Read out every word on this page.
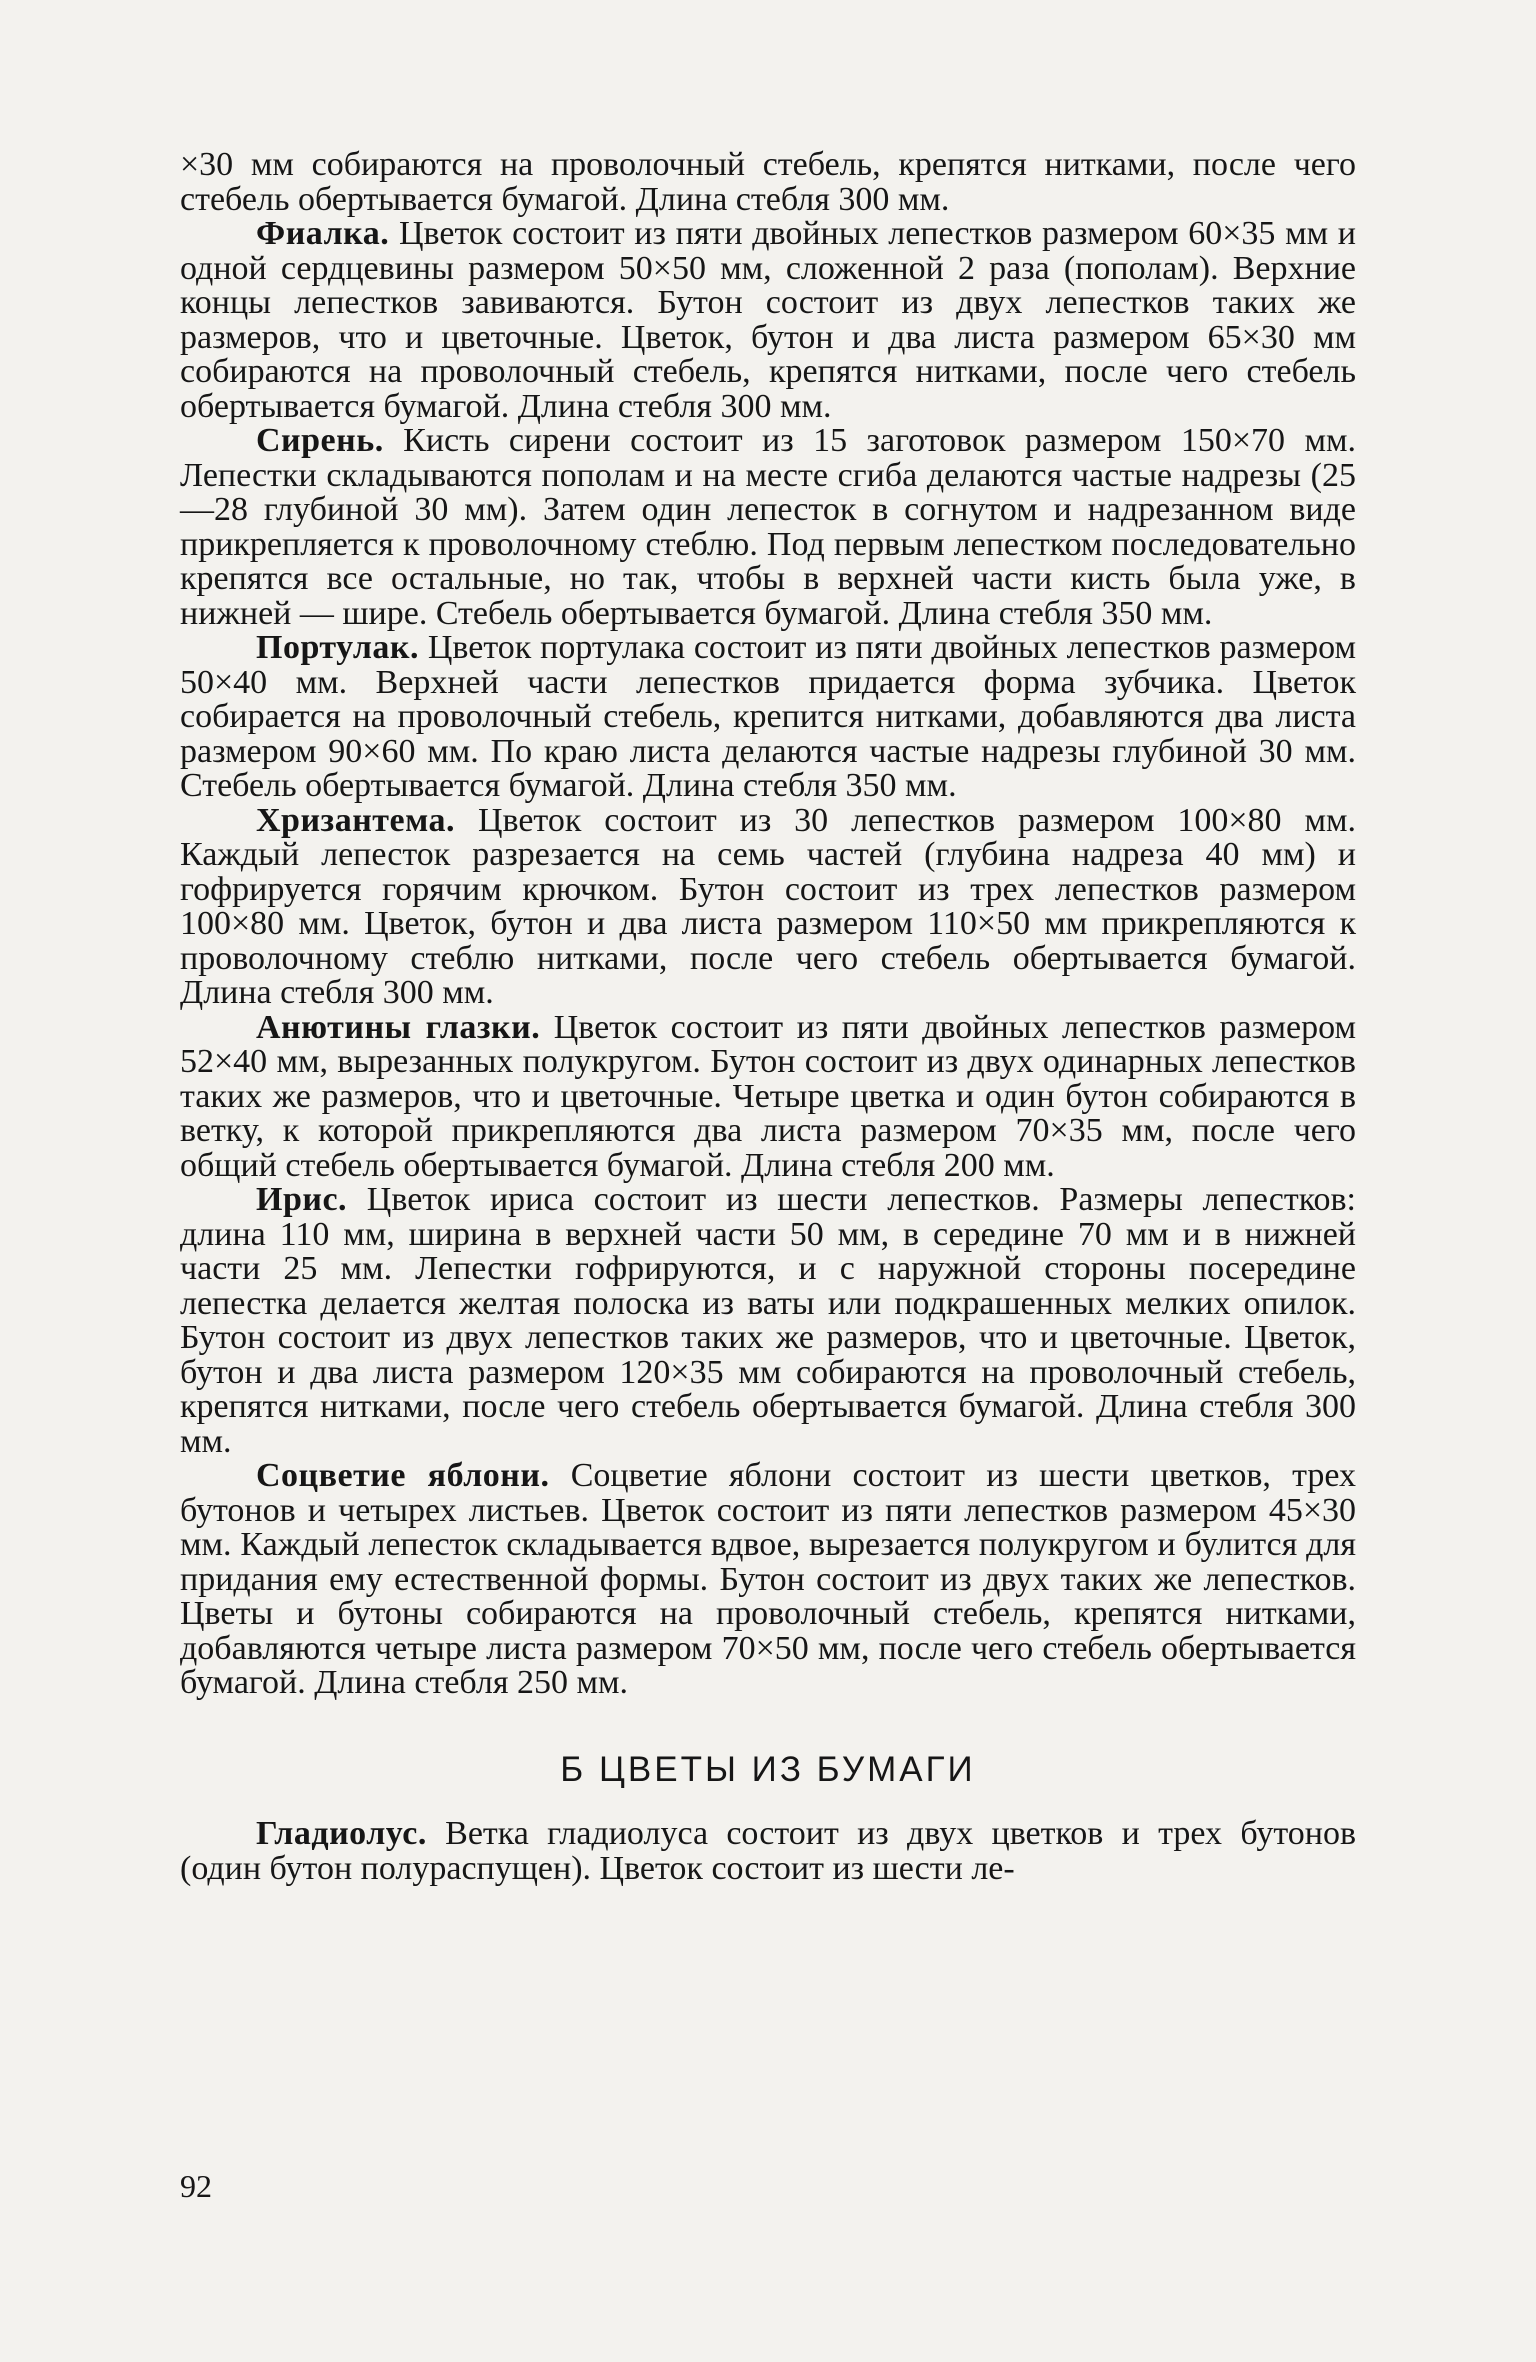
×30 мм собираются на проволочный стебель, крепятся нитками, после чего стебель обертывается бумагой. Длина стебля 300 мм.

Фиалка. Цветок состоит из пяти двойных лепестков размером 60×35 мм и одной сердцевины размером 50×50 мм, сложенной 2 раза (пополам). Верхние концы лепестков завиваются. Бутон состоит из двух лепестков таких же размеров, что и цветочные. Цветок, бутон и два листа размером 65×30 мм собираются на проволочный стебель, крепятся нитками, после чего стебель обертывается бумагой. Длина стебля 300 мм.

Сирень. Кисть сирени состоит из 15 заготовок размером 150×70 мм. Лепестки складываются пополам и на месте сгиба делаются частые надрезы (25—28 глубиной 30 мм). Затем один лепесток в согнутом и надрезанном виде прикрепляется к проволочному стеблю. Под первым лепестком последовательно крепятся все остальные, но так, чтобы в верхней части кисть была уже, в нижней — шире. Стебель обертывается бумагой. Длина стебля 350 мм.

Портулак. Цветок портулака состоит из пяти двойных лепестков размером 50×40 мм. Верхней части лепестков придается форма зубчика. Цветок собирается на проволочный стебель, крепится нитками, добавляются два листа размером 90×60 мм. По краю листа делаются частые надрезы глубиной 30 мм. Стебель обертывается бумагой. Длина стебля 350 мм.

Хризантема. Цветок состоит из 30 лепестков размером 100×80 мм. Каждый лепесток разрезается на семь частей (глубина надреза 40 мм) и гофрируется горячим крючком. Бутон состоит из трех лепестков размером 100×80 мм. Цветок, бутон и два листа размером 110×50 мм прикрепляются к проволочному стеблю нитками, после чего стебель обертывается бумагой. Длина стебля 300 мм.

Анютины глазки. Цветок состоит из пяти двойных лепестков размером 52×40 мм, вырезанных полукругом. Бутон состоит из двух одинарных лепестков таких же размеров, что и цветочные. Четыре цветка и один бутон собираются в ветку, к которой прикрепляются два листа размером 70×35 мм, после чего общий стебель обертывается бумагой. Длина стебля 200 мм.

Ирис. Цветок ириса состоит из шести лепестков. Размеры лепестков: длина 110 мм, ширина в верхней части 50 мм, в середине 70 мм и в нижней части 25 мм. Лепестки гофрируются, и с наружной стороны посередине лепестка делается желтая полоска из ваты или подкрашенных мелких опилок. Бутон состоит из двух лепестков таких же размеров, что и цветочные. Цветок, бутон и два листа размером 120×35 мм собираются на проволочный стебель, крепятся нитками, после чего стебель обертывается бумагой. Длина стебля 300 мм.

Соцветие яблони. Соцветие яблони состоит из шести цветков, трех бутонов и четырех листьев. Цветок состоит из пяти лепестков размером 45×30 мм. Каждый лепесток складывается вдвое, вырезается полукругом и булится для придания ему естественной формы. Бутон состоит из двух таких же лепестков. Цветы и бутоны собираются на проволочный стебель, крепятся нитками, добавляются четыре листа размером 70×50 мм, после чего стебель обертывается бумагой. Длина стебля 250 мм.

Б ЦВЕТЫ ИЗ БУМАГИ

Гладиолус. Ветка гладиолуса состоит из двух цветков и трех бутонов (один бутон полураспущен). Цветок состоит из шести ле-

92
